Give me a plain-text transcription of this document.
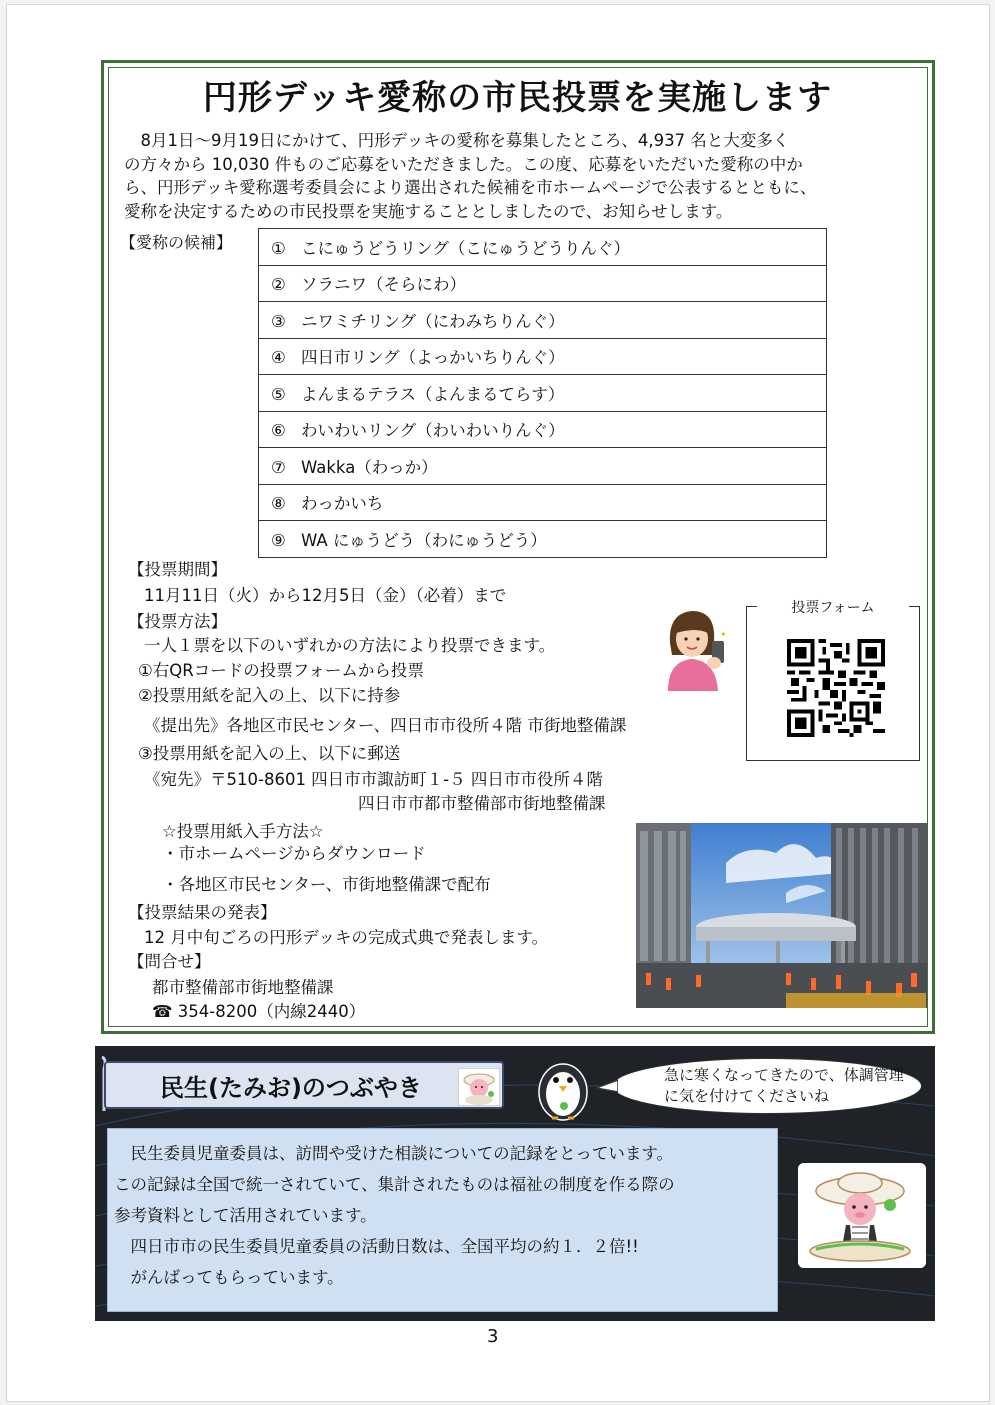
円形デッキ愛称の市民投票を実施します

　8月1日～9月19日にかけて、円形デッキの愛称を募集したところ、4,937 名と大変多く

の方々から 10,030 件ものご応募をいただきました。この度、応募をいただいた愛称の中か

ら、円形デッキ愛称選考委員会により選出された候補を市ホームページで公表するとともに、

愛称を決定するための市民投票を実施することとしましたので、お知らせします。

【愛称の候補】 ① こにゅうどうリング（こにゅうどうりんぐ）
② ソラニワ（そらにわ）
③ ニワミチリング（にわみちりんぐ）
④ 四日市リング（よっかいちりんぐ）
⑤ よんまるテラス（よんまるてらす）
⑥ わいわいリング（わいわいりんぐ）
⑦ Wakka（わっか）
⑧ わっかいち
⑨ WA にゅうどう（わにゅうどう）
【投票期間】
11月11日（火）から12月5日（金）（必着）まで
【投票方法】
一人１票を以下のいずれかの方法により投票できます。
①右QRコードの投票フォームから投票
②投票用紙を記入の上、以下に持参
《提出先》各地区市民センター、四日市市役所４階 市街地整備課
③投票用紙を記入の上、以下に郵送
《宛先》〒510-8601 四日市市諏訪町１-５ 四日市市役所４階
四日市市都市整備部市街地整備課
☆投票用紙入手方法☆
・市ホームページからダウンロード
・各地区市民センター、市街地整備課で配布
【投票結果の発表】
12 月中旬ごろの円形デッキの完成式典で発表します。
【問合せ】
都市整備部市街地整備課
☎ 354-8200（内線2440）
✦
投票フォーム
民生(たみお)のつぶやき	急に寒くなってきたので、体調管理に気を付けてくださいね

　民生委員児童委員は、訪問や受けた相談についての記録をとっています。

この記録は全国で統一されていて、集計されたものは福祉の制度を作る際の

参考資料として活用されています。

　四日市市の民生委員児童委員の活動日数は、全国平均の約１．２倍!!

　がんばってもらっています。

3
